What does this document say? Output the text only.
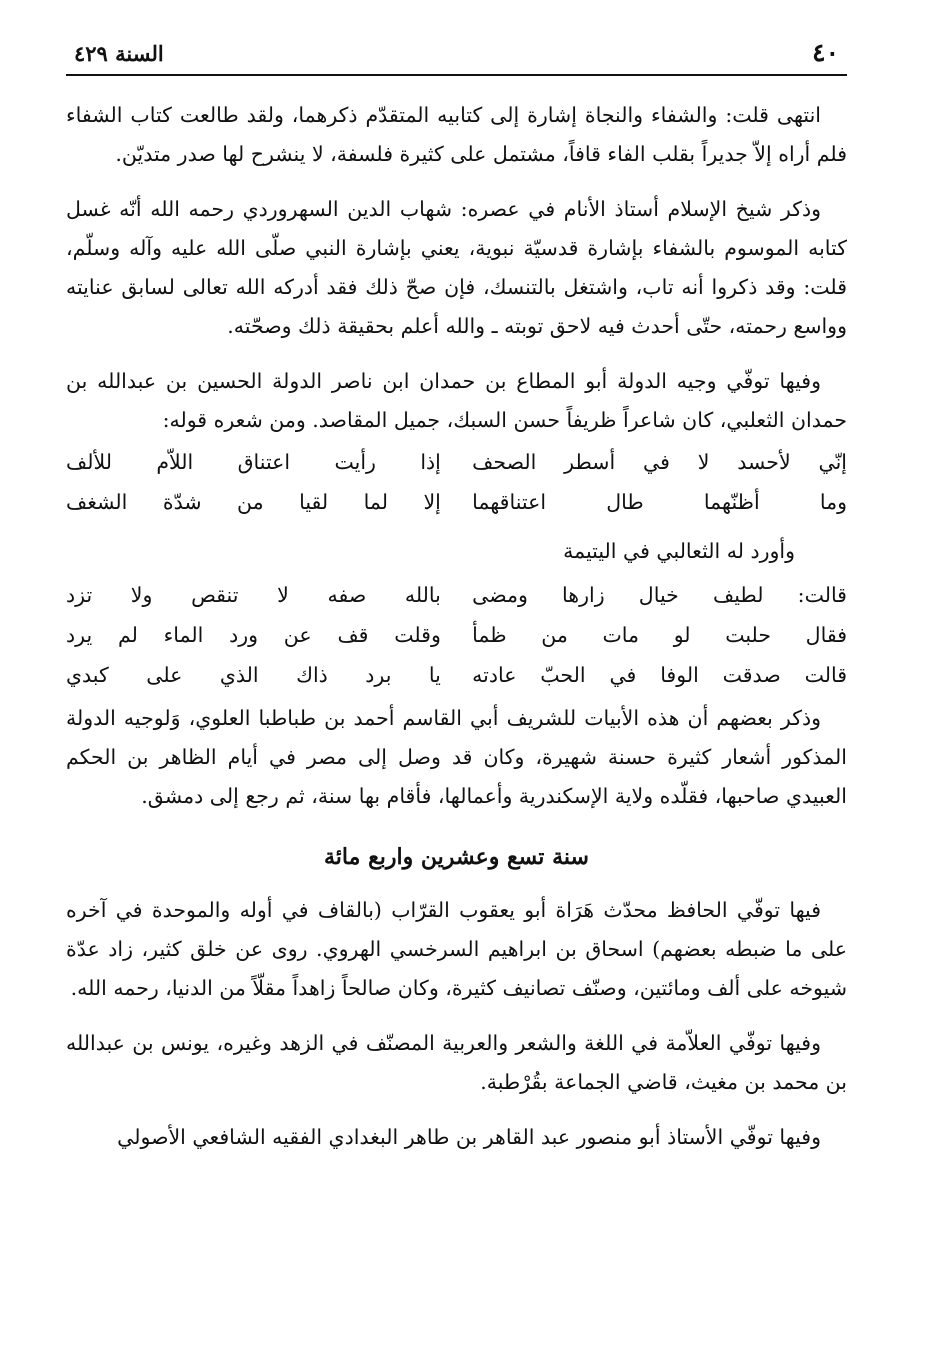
٤٠
السنة ٤٢٩

انتهى قلت: والشفاء والنجاة إشارة إلى كتابيه المتقدّم ذكرهما، ولقد طالعت كتاب الشفاء فلم أراه إلاّ جديراً بقلب الفاء قافاً، مشتمل على كثيرة فلسفة، لا ينشرح لها صدر متديّن.

وذكر شيخ الإسلام أستاذ الأنام في عصره: شهاب الدين السهروردي رحمه الله أنّه غسل كتابه الموسوم بالشفاء بإشارة قدسيّة نبوية، يعني بإشارة النبي صلّى الله عليه وآله وسلّم، قلت: وقد ذكروا أنه تاب، واشتغل بالتنسك، فإن صحّ ذلك فقد أدركه الله تعالى لسابق عنايته وواسع رحمته، حتّى أحدث فيه لاحق توبته ـ والله أعلم بحقيقة ذلك وصحّته.

وفيها توفّي وجيه الدولة أبو المطاع بن حمدان ابن ناصر الدولة الحسين بن عبدالله بن حمدان الثعلبي، كان شاعراً ظريفاً حسن السبك، جميل المقاصد. ومن شعره قوله:

إنّي لأحسد لا في أسطر الصحف
إذا رأيت اعتناق اللاّم للألف
وما أظنّهما طال اعتناقهما
إلا لما لقيا من شدّة الشغف

وأورد له الثعالبي في اليتيمة

قالت: لطيف خيال زارها ومضى
بالله صفه لا تنقص ولا تزد
فقال حلبت لو مات من ظمأ
وقلت قف عن ورد الماء لم يرد
قالت صدقت الوفا في الحبّ عادته
يا برد ذاك الذي على كبدي

وذكر بعضهم أن هذه الأبيات للشريف أبي القاسم أحمد بن طباطبا العلوي، وَلوجيه الدولة المذكور أشعار كثيرة حسنة شهيرة، وكان قد وصل إلى مصر في أيام الظاهر بن الحكم العبيدي صاحبها، فقلّده ولاية الإسكندرية وأعمالها، فأقام بها سنة، ثم رجع إلى دمشق.

سنة تسع وعشرين واربع مائة

فيها توفّي الحافظ محدّث هَرَاة أبو يعقوب القرّاب (بالقاف في أوله والموحدة في آخره على ما ضبطه بعضهم) اسحاق بن ابراهيم السرخسي الهروي. روى عن خلق كثير، زاد عدّة شيوخه على ألف ومائتين، وصنّف تصانيف كثيرة، وكان صالحاً زاهداً مقلّاً من الدنيا، رحمه الله.

وفيها توفّي العلاّمة في اللغة والشعر والعربية المصنّف في الزهد وغيره، يونس بن عبدالله بن محمد بن مغيث، قاضي الجماعة بقُرْطبة.

وفيها توفّي الأستاذ أبو منصور عبد القاهر بن طاهر البغدادي الفقيه الشافعي الأصولي
